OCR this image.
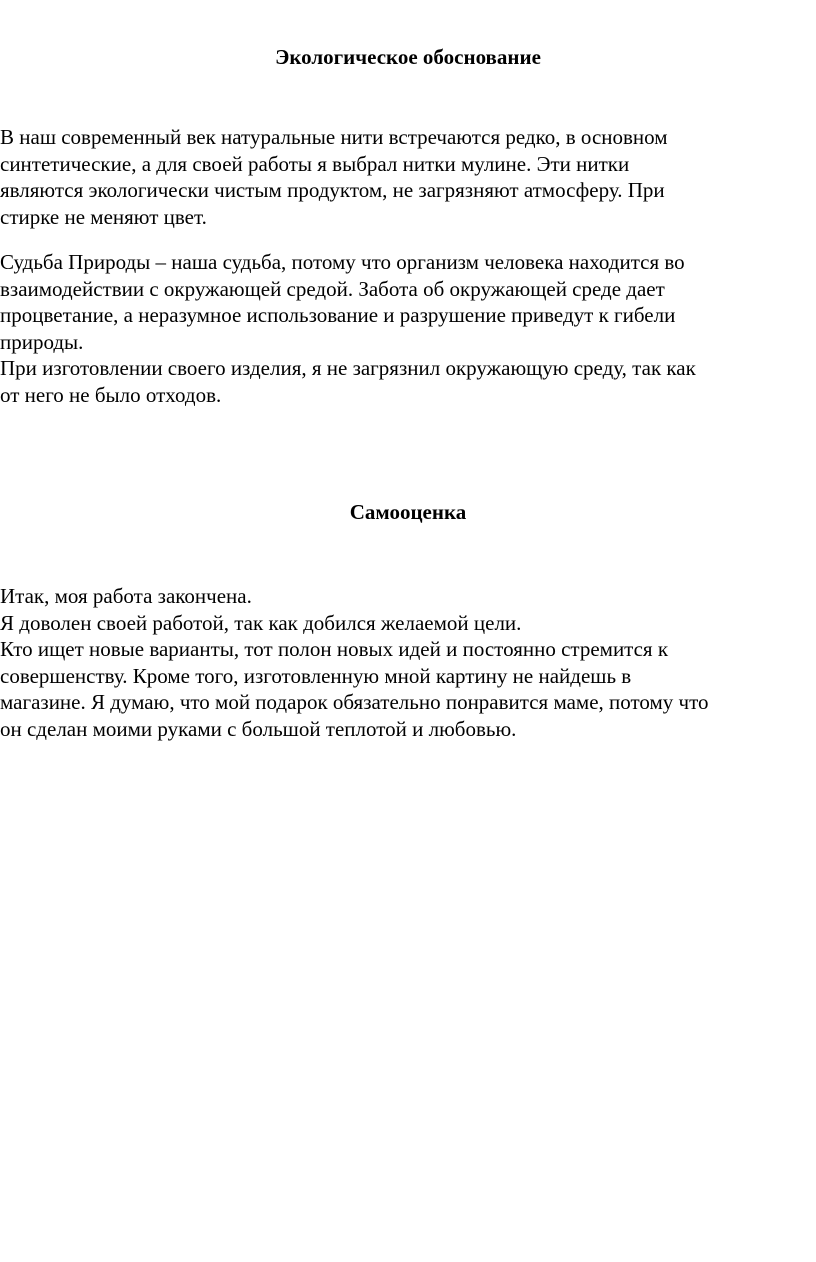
Экологическое обоснование
В наш современный век натуральные нити встречаются редко, в основном
синтетические, а для своей работы я выбрал нитки мулине. Эти нитки
являются экологически чистым продуктом, не загрязняют атмосферу. При
стирке не меняют цвет.
Судьба Природы – наша судьба, потому что организм человека находится во
взаимодействии с окружающей средой. Забота об окружающей среде дает
процветание, а неразумное использование и разрушение приведут к гибели
природы.
При изготовлении своего изделия, я не загрязнил окружающую среду, так как
от него не было отходов.
Самооценка
Итак, моя работа закончена.
Я доволен своей работой, так как добился желаемой цели.
Кто ищет новые варианты, тот полон новых идей и постоянно стремится к
совершенству. Кроме того, изготовленную мной картину не найдешь в
магазине. Я думаю, что мой подарок обязательно понравится маме, потому что
он сделан моими руками с большой теплотой и любовью.
